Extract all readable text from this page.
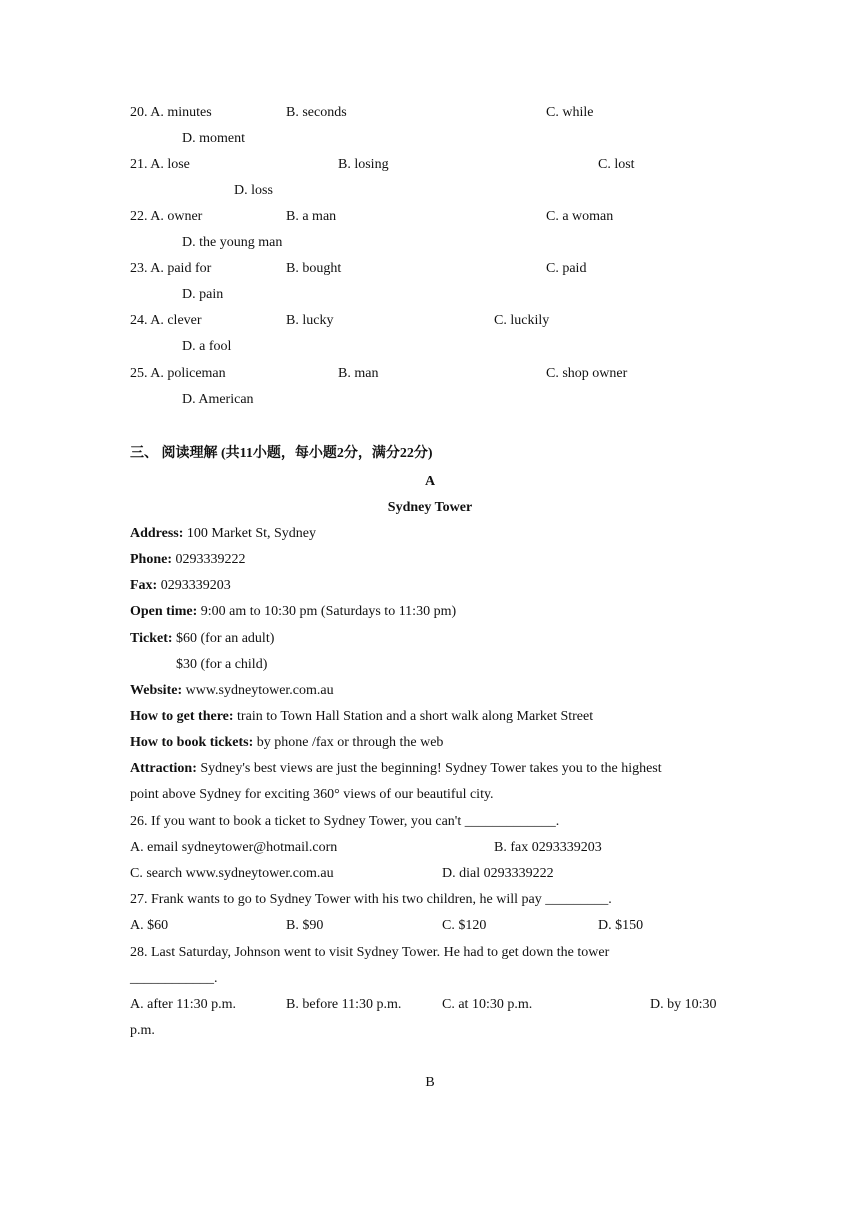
20. A. minutes	B. seconds	C. while
D. moment
21. A. lose	B. losing	C. lost
D. loss
22. A. owner	B. a man	C. a woman
D. the young man
23. A. paid for	B. bought	C. paid
D. pain
24. A. clever	B. lucky	C. luckily
D. a fool
25. A. policeman	B. man	C. shop owner
D. American
三、 阅读理解 (共11小题，每小题2分，满分22分)
A
Sydney Tower
Address: 100 Market St, Sydney
Phone: 0293339222
Fax: 0293339203
Open time: 9:00 am to 10:30 pm (Saturdays to 11:30 pm)
Ticket: $60 (for an adult)
$30 (for a child)
Website: www.sydneytower.com.au
How to get there: train to Town Hall Station and a short walk along Market Street
How to book tickets: by phone /fax or through the web
Attraction: Sydney's best views are just the beginning! Sydney Tower takes you to the highest
point above Sydney for exciting 360° views of our beautiful city.
26. If you want to book a ticket to Sydney Tower, you can't _____________.
A. email sydneytower@hotmail.corn	B. fax 0293339203
C. search www.sydneytower.com.au	D. dial 0293339222
27. Frank wants to go to Sydney Tower with his two children, he will pay _________.
A. $60	B. $90	C. $120	D. $150
28. Last Saturday, Johnson went to visit Sydney Tower. He had to get down the tower
____________.
A. after 11:30 p.m.	B. before 11:30 p.m.	C. at 10:30 p.m.	D. by 10:30
p.m.
B
